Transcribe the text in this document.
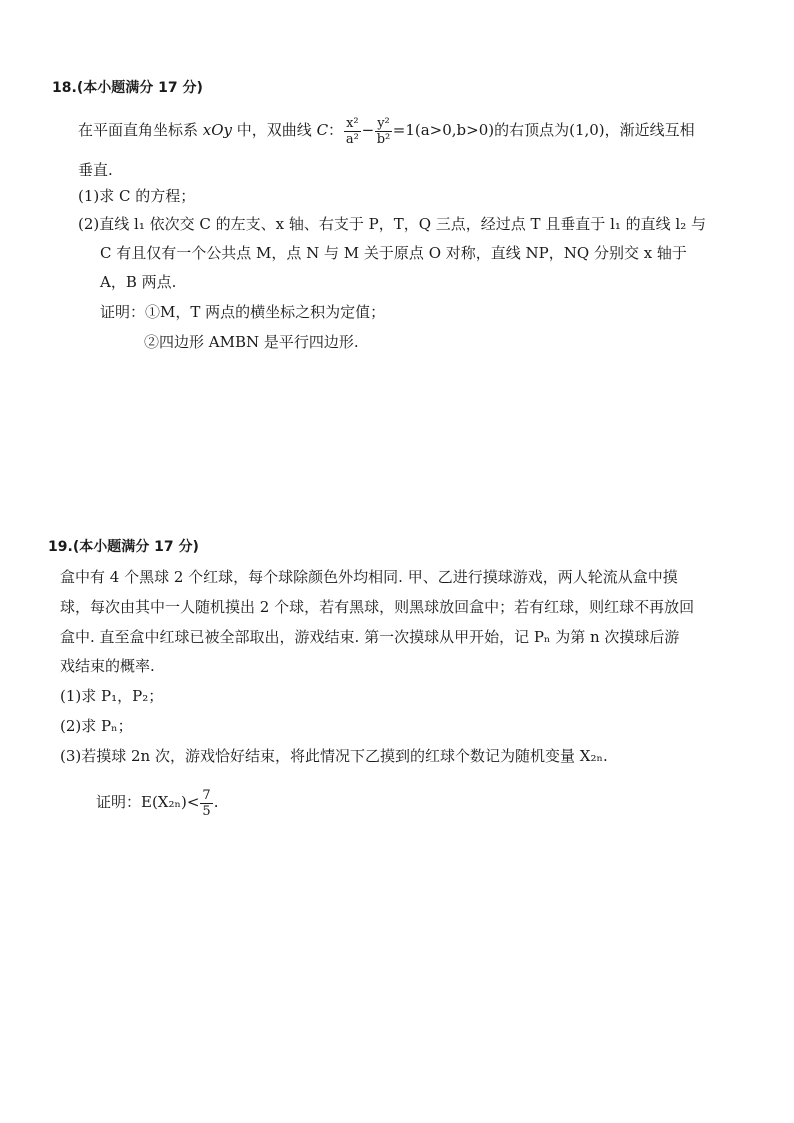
18.(本小题满分 17 分)
在平面直角坐标系 xOy 中，双曲线 C： $\frac{\text{x²}}{\text{a²}} - \frac{\text{y²}}{\text{b²}} =1(a>0,b>0)$的右顶点为(1,0)，渐近线互相
垂直.
(1)求 C 的方程；
(2)直线 l₁ 依次交 C 的左支、x 轴、右支于 P，T，Q 三点，经过点 T 且垂直于 l₁ 的直线 l₂ 与
C 有且仅有一个公共点 M，点 N 与 M 关于原点 O 对称，直线 NP，NQ 分别交 x 轴于
A，B 两点.
证明：①M，T 两点的横坐标之积为定值；
②四边形 AMBN 是平行四边形.
19.(本小题满分 17 分)
盒中有 4 个黑球 2 个红球，每个球除颜色外均相同. 甲、乙进行摸球游戏，两人轮流从盒中摸
球，每次由其中一人随机摸出 2 个球，若有黑球，则黑球放回盒中；若有红球，则红球不再放回
盒中. 直至盒中红球已被全部取出，游戏结束. 第一次摸球从甲开始，记 Pₙ 为第 n 次摸球后游
戏结束的概率.
(1)求 P₁，P₂；
(2)求 Pₙ；
(3)若摸球 2n 次，游戏恰好结束，将此情况下乙摸到的红球个数记为随机变量 X₂ₙ.
证明：$E(X_{2n})< \frac{7}{5}$ .
